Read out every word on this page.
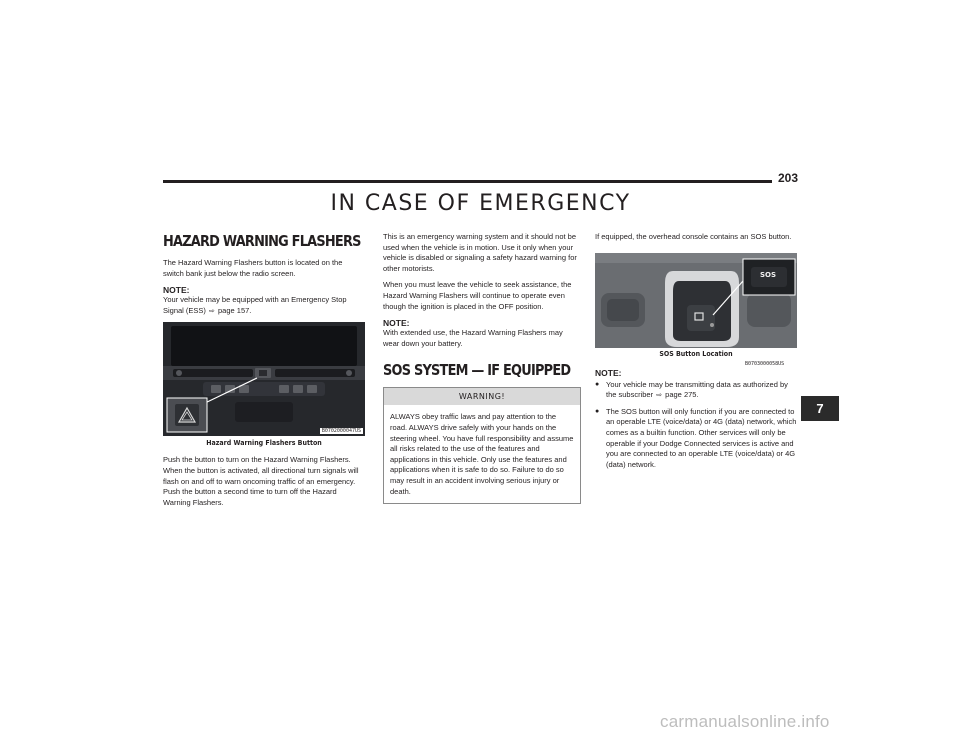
203
IN CASE OF EMERGENCY
HAZARD WARNING FLASHERS

The Hazard Warning Flashers button is located on the switch bank just below the radio screen.

NOTE:

Your vehicle may be equipped with an Emergency Stop Signal (ESS) ⇨ page 157.

B0702000047US
Hazard Warning Flashers Button

Push the button to turn on the Hazard Warning Flashers. When the button is activated, all directional turn signals will flash on and off to warn oncoming traffic of an emergency. Push the button a second time to turn off the Hazard Warning Flashers.

This is an emergency warning system and it should not be used when the vehicle is in motion. Use it only when your vehicle is disabled or signaling a safety hazard warning for other motorists.

When you must leave the vehicle to seek assistance, the Hazard Warning Flashers will continue to operate even though the ignition is placed in the OFF position.

NOTE:

With extended use, the Hazard Warning Flashers may wear down your battery.

SOS SYSTEM — IF EQUIPPED
WARNING!

ALWAYS obey traffic laws and pay attention to the road. ALWAYS drive safely with your hands on the steering wheel. You have full responsibility and assume all risks related to the use of the features and applications in this vehicle. Only use the features and applications when it is safe to do so. Failure to do so may result in an accident involving serious injury or death.

If equipped, the overhead console contains an SOS button.

SOS
B0703000058US
SOS Button Location
NOTE:
● Your vehicle may be transmitting data as authorized by the subscriber ⇨ page 275.
● The SOS button will only function if you are connected to an operable LTE (voice/data) or 4G (data) network, which comes as a builtin function. Other services will only be operable if your Dodge Connected services is active and you are connected to an operable LTE (voice/data) or 4G (data) network.
7
carmanualsonline.info
